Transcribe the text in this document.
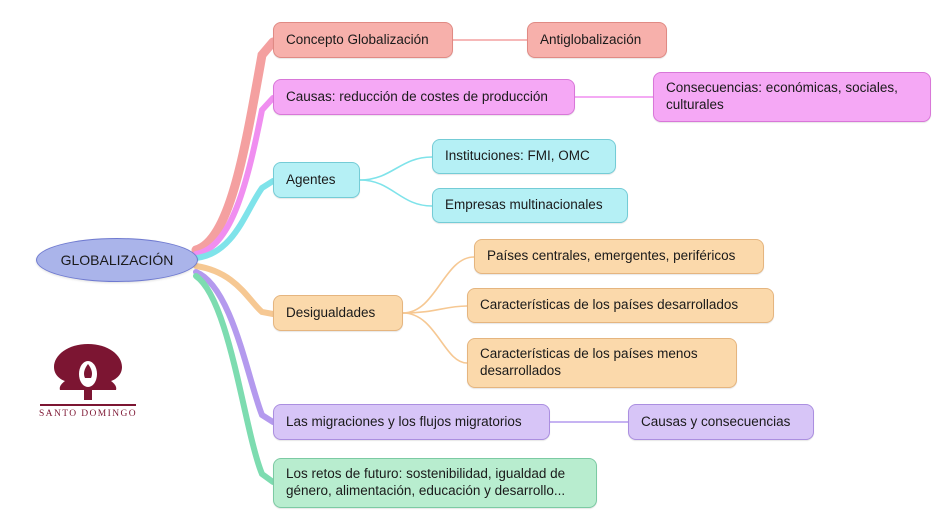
GLOBALIZACIÓN
Concepto Globalización	Antiglobalización
Causas: reducción de costes de producción
Consecuencias: económicas, sociales, culturales
Agentes
Instituciones: FMI, OMC
Empresas multinacionales
Desigualdades
Países centrales, emergentes, periféricos
Características de los países desarrollados
Características de los países menos desarrollados
Las migraciones y los flujos migratorios	Causas y consecuencias
Los retos de futuro: sostenibilidad, igualdad de género, alimentación, educación y desarrollo...
SANTO DOMINGO
